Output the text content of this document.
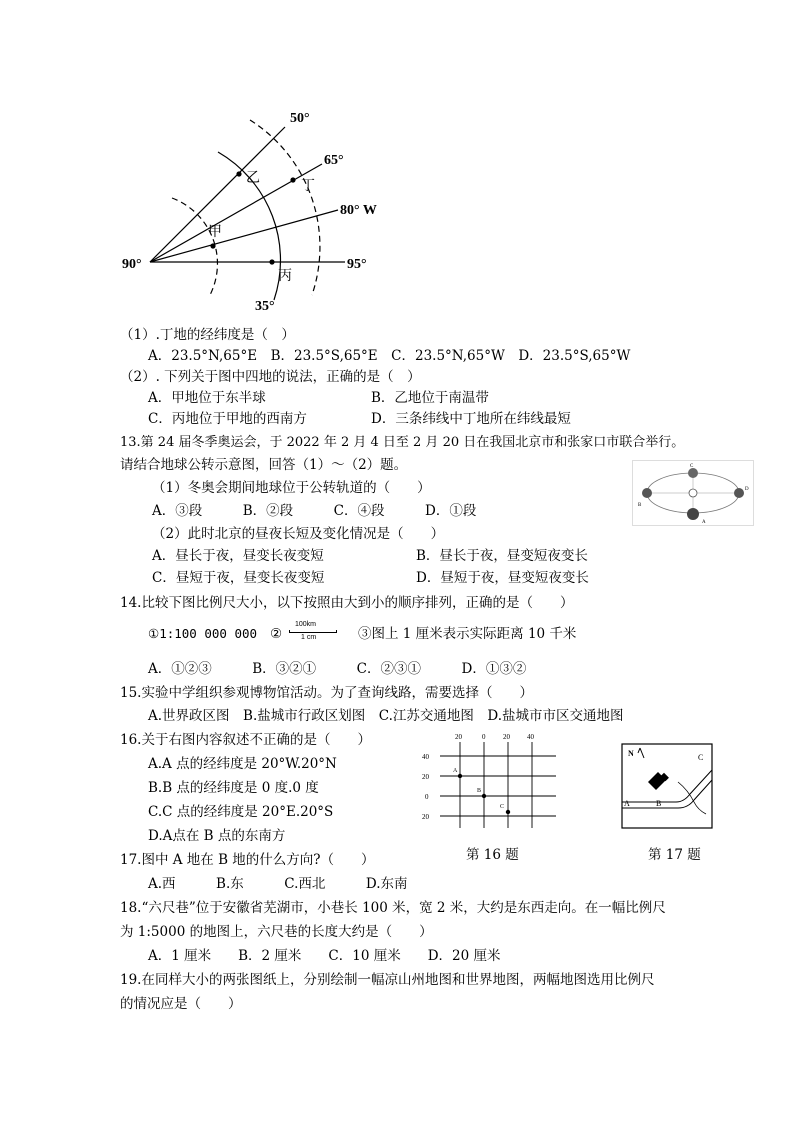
50°
65°
80° W
90°	95°
35°
乙
丁
甲
丙
（1）.丁地的经纬度是（　）
A．23.5°N,65°E　B．23.5°S,65°E　C．23.5°N,65°W　D．23.5°S,65°W
（2）. 下列关于图中四地的说法，正确的是（　）
A．甲地位于东半球	B．乙地位于南温带
C．丙地位于甲地的西南方	D．三条纬线中丁地所在纬线最短
13.第 24 届冬季奥运会，于 2022 年 2 月 4 日至 2 月 20 日在我国北京市和张家口市联合举行。
请结合地球公转示意图，回答（1）～（2）题。
（1）冬奥会期间地球位于公转轨道的（　　）
A．③段　　　B．②段　　　C．④段　　　D．①段
（2）此时北京的昼夜长短及变化情况是（　　）
A．昼长于夜，昼变长夜变短	B．昼长于夜，昼变短夜变长
C．昼短于夜，昼变长夜变短	D．昼短于夜，昼变短夜变长
C
B
D
A
14.比较下图比例尺大小，以下按照由大到小的顺序排列，正确的是（　　）
①1:100 000 000 ②
100km
1 cm	③图上 1 厘米表示实际距离 10 千米
A．①②③　　　B．③②①　　　C．②③①　　　D．①③②
15.实验中学组织参观博物馆活动。为了查询线路，需要选择（　　）
A.世界政区图　B.盐城市行政区划图　C.江苏交通地图　D.盐城市市区交通地图
16.关于右图内容叙述不正确的是（　　）
A.A 点的经纬度是 20°W.20°N
B.B 点的经纬度是 0 度.0 度
C.C 点的经纬度是 20°E.20°S
D.A点在 B 点的东南方
20	0	20 40
40
20
0
20
A
B
C
第 16 题
N	C
A	B
第 17 题
17.图中 A 地在 B 地的什么方向?（　　）
A.西　　　B.东　　　C.西北　　　D.东南
18.“六尺巷”位于安徽省芜湖市，小巷长 100 米，宽 2 米，大约是东西走向。在一幅比例尺
为 1:5000 的地图上，六尺巷的长度大约是（　　）
A．1 厘米　　B．2 厘米　　C．10 厘米　　D．20 厘米
19.在同样大小的两张图纸上，分别绘制一幅凉山州地图和世界地图，两幅地图选用比例尺
的情况应是（　　）
